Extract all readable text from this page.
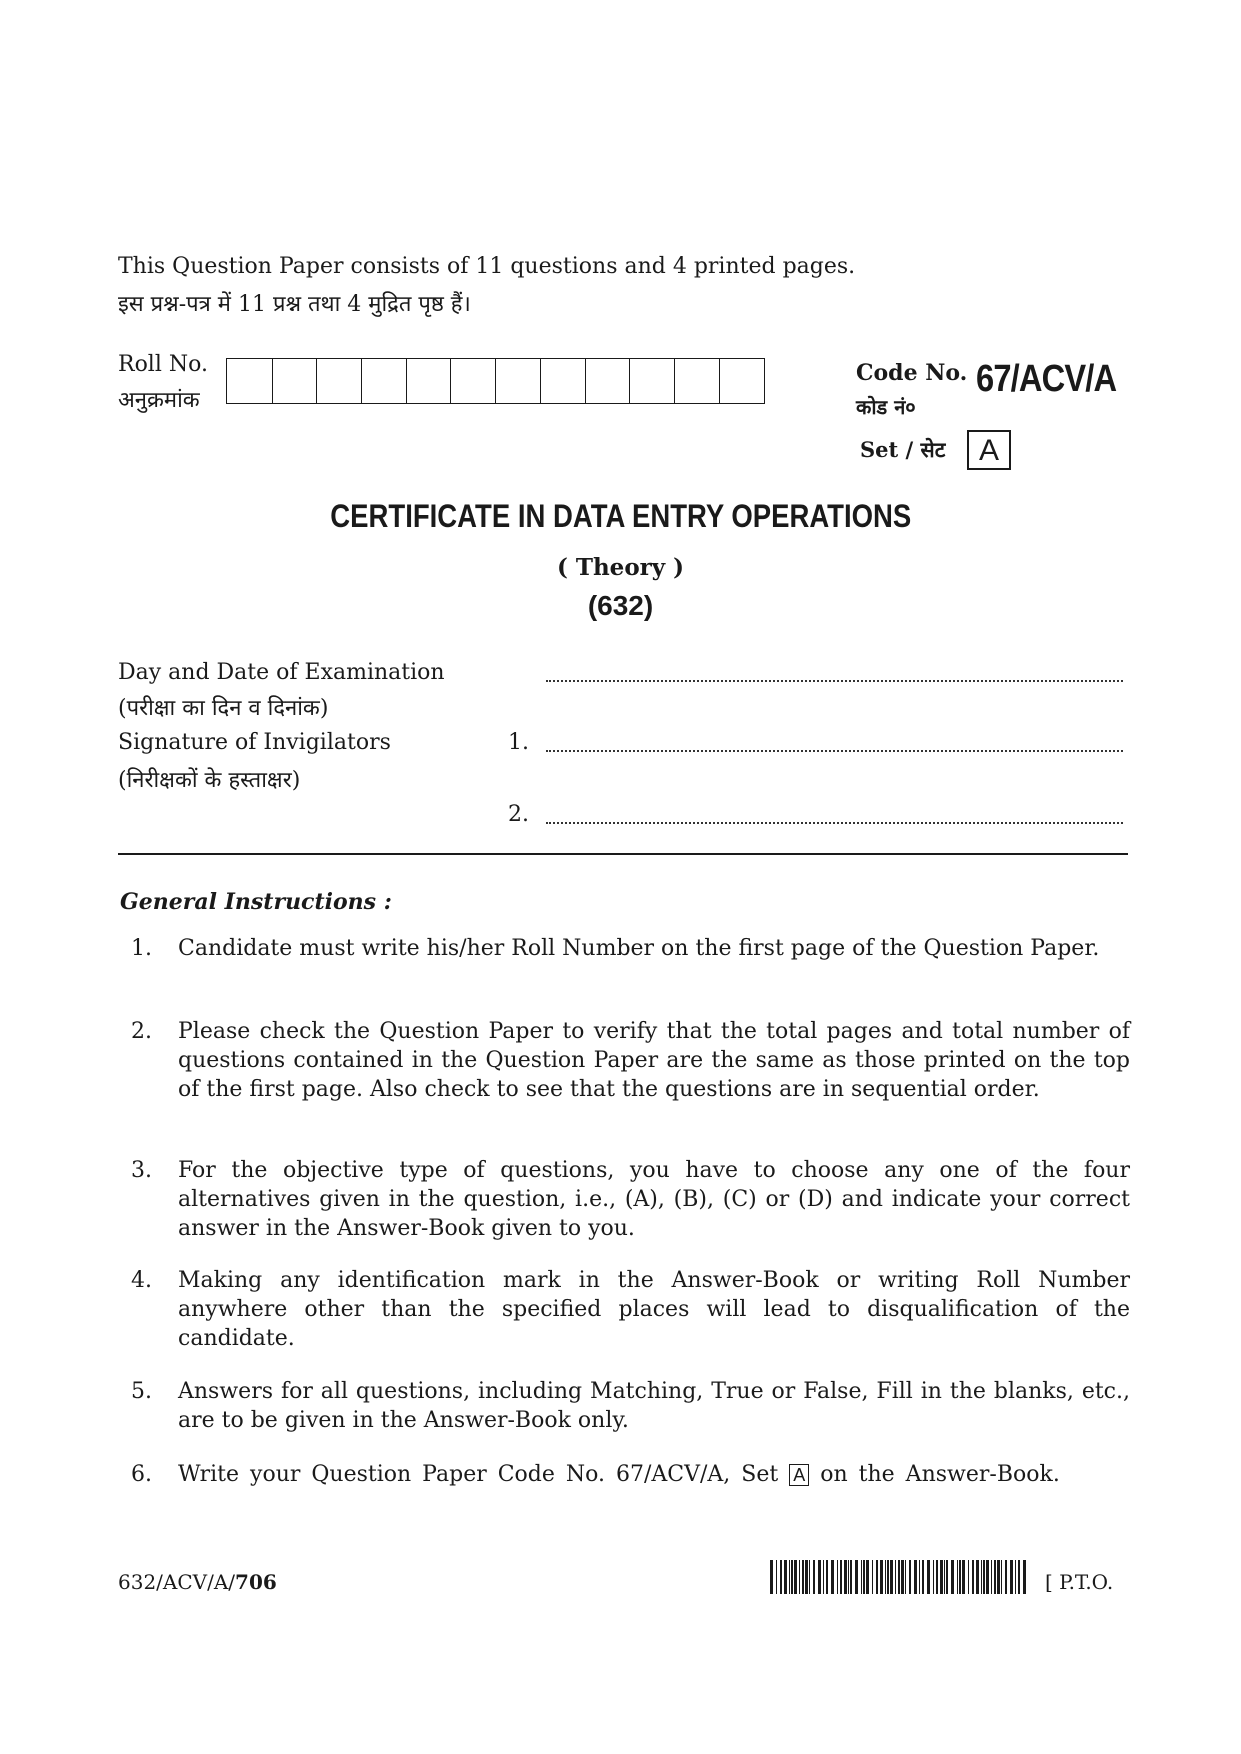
This Question Paper consists of 11 questions and 4 printed pages.
इस प्रश्न-पत्र में 11 प्रश्न तथा 4 मुद्रित पृष्ठ हैं।
Roll No.
अनुक्रमांक
Code No.
कोड नं०
67/ACV/A
Set / सेट	A
CERTIFICATE IN DATA ENTRY OPERATIONS
( Theory )
(632)
Day and Date of Examination
(परीक्षा का दिन व दिनांक)
Signature of Invigilators
(निरीक्षकों के हस्ताक्षर)
1.
2.
General Instructions :
1. Candidate must write his/her Roll Number on the first page of the Question Paper.
2. Please check the Question Paper to verify that the total pages and total number of questions contained in the Question Paper are the same as those printed on the top of the first page. Also check to see that the questions are in sequential order.
3. For the objective type of questions, you have to choose any one of the four alternatives given in the question, i.e., (A), (B), (C) or (D) and indicate your correct answer in the Answer-Book given to you.
4. Making any identification mark in the Answer-Book or writing Roll Number anywhere other than the specified places will lead to disqualification of the candidate.
5. Answers for all questions, including Matching, True or False, Fill in the blanks, etc., are to be given in the Answer-Book only.
6. Write your Question Paper Code No. 67/ACV/A, Set A on the Answer-Book.
632/ACV/A/706	[ P.T.O.
